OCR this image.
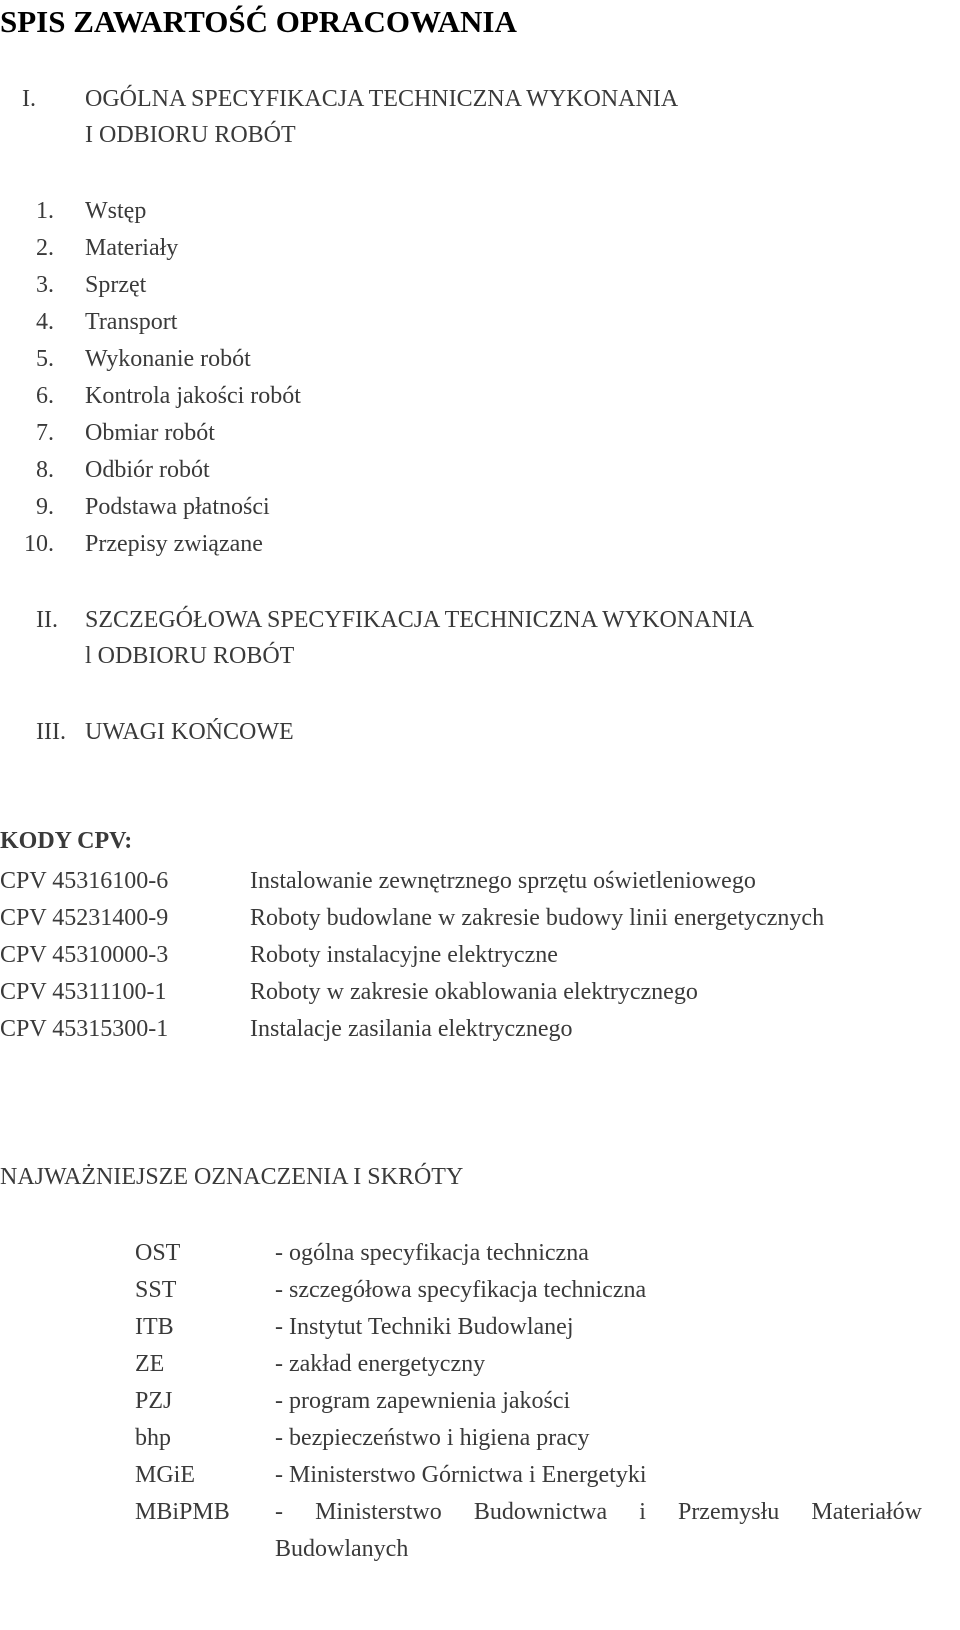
SPIS ZAWARTOŚĆ OPRACOWANIA
I. OGÓLNA SPECYFIKACJA TECHNICZNA WYKONANIA
I ODBIORU ROBÓT
1. Wstęp
2. Materiały
3. Sprzęt
4. Transport
5. Wykonanie robót
6. Kontrola jakości robót
7. Obmiar robót
8. Odbiór robót
9. Podstawa płatności
10. Przepisy związane
II. SZCZEGÓŁOWA SPECYFIKACJA TECHNICZNA WYKONANIA
l ODBIORU ROBÓT
III. UWAGI KOŃCOWE
KODY CPV:
CPV 45316100-6	Instalowanie zewnętrznego sprzętu oświetleniowego
CPV 45231400-9	Roboty budowlane w zakresie budowy linii energetycznych
CPV 45310000-3	Roboty instalacyjne elektryczne
CPV 45311100-1	Roboty w zakresie okablowania elektrycznego
CPV 45315300-1	Instalacje zasilania elektrycznego
NAJWAŻNIEJSZE OZNACZENIA I SKRÓTY
OST	- ogólna specyfikacja techniczna
SST	- szczegółowa specyfikacja techniczna
ITB	- Instytut Techniki Budowlanej
ZE	- zakład energetyczny
PZJ	- program zapewnienia jakości
bhp	- bezpieczeństwo i higiena pracy
MGiE	- Ministerstwo Górnictwa i Energetyki
MBiPMB - Ministerstwo Budownictwa i Przemysłu Materiałów
Budowlanych
